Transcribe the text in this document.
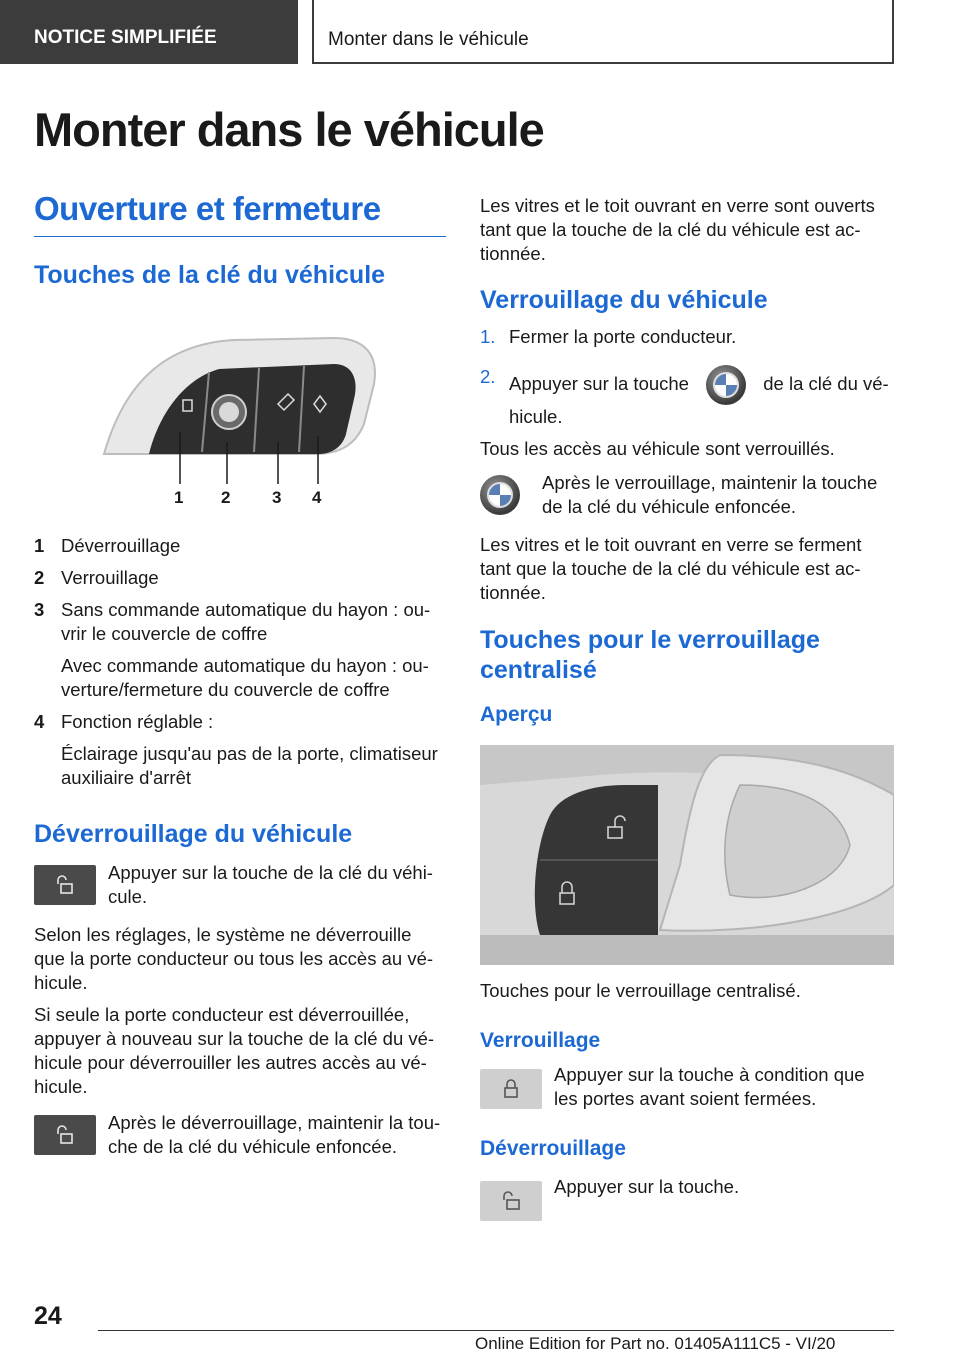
NOTICE SIMPLIFIÉE	Monter dans le véhicule
Monter dans le véhicule
Ouverture et fermeture
Touches de la clé du véhicule
1 2 3 4
1 Déverrouillage
2 Verrouillage
3 Sans commande automatique du hayon : ou-vrir le couvercle de coffre
Avec commande automatique du hayon : ou-verture/fermeture du couvercle de coffre
4 Fonction réglable :
Éclairage jusqu'au pas de la porte, climatiseur auxiliaire d'arrêt
Déverrouillage du véhicule
Appuyer sur la touche de la clé du véhi-cule.

Selon les réglages, le système ne déverrouille que la porte conducteur ou tous les accès au vé-hicule.

Si seule la porte conducteur est déverrouillée, appuyer à nouveau sur la touche de la clé du vé-hicule pour déverrouiller les autres accès au vé-hicule.

Après le déverrouillage, maintenir la tou-che de la clé du véhicule enfoncée.

Les vitres et le toit ouvrant en verre sont ouverts tant que la touche de la clé du véhicule est ac-tionnée.

Verrouillage du véhicule
1. Fermer la porte conducteur.
2. Appuyer sur la touche	de la clé du vé-hicule.

Tous les accès au véhicule sont verrouillés.

Après le verrouillage, maintenir la touche de la clé du véhicule enfoncée.

Les vitres et le toit ouvrant en verre se ferment tant que la touche de la clé du véhicule est ac-tionnée.

Touches pour le verrouillage centralisé
Aperçu

Touches pour le verrouillage centralisé.

Verrouillage
Appuyer sur la touche à condition que les portes avant soient fermées.
Déverrouillage
Appuyer sur la touche.
24
Online Edition for Part no. 01405A111C5 - VI/20
